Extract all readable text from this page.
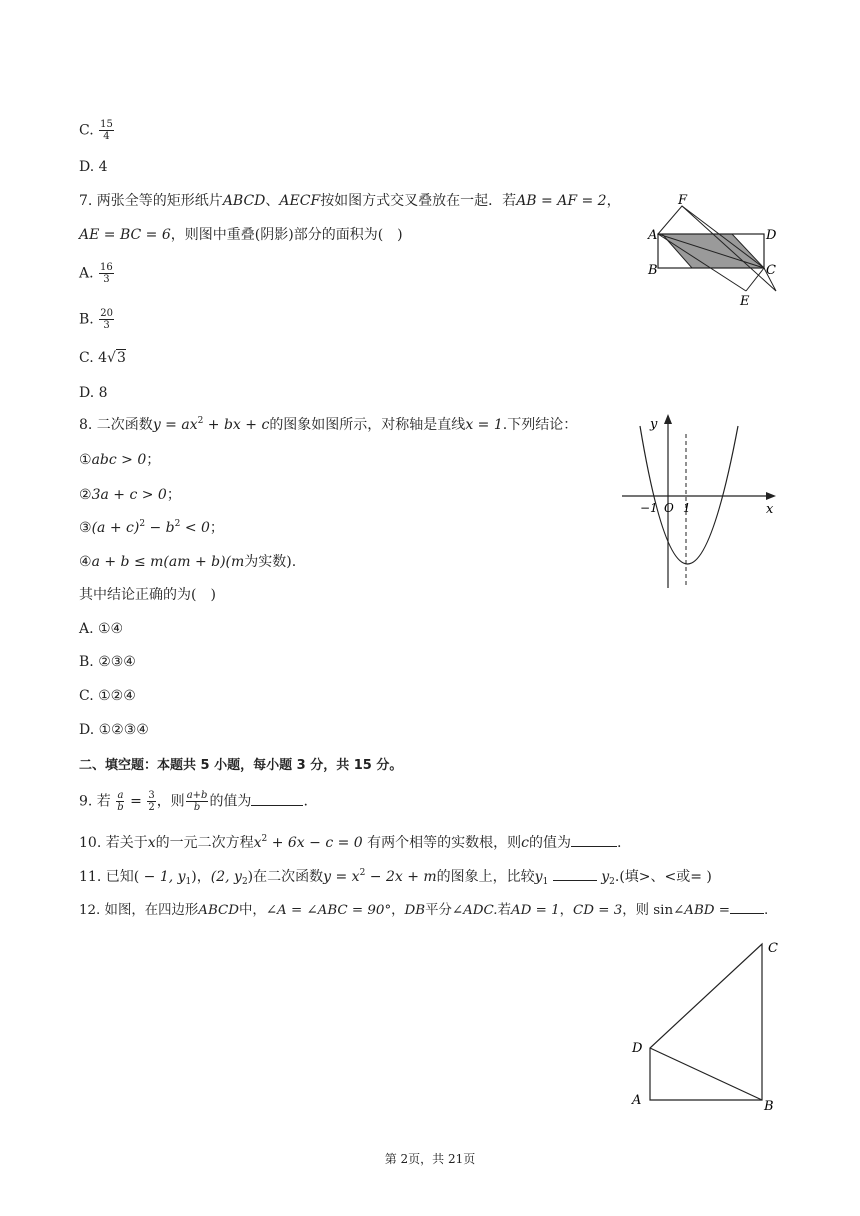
C. $\frac{15}{4}$
D. 4
7. 两张全等的矩形纸片ABCD、AECF按如图方式交叉叠放在一起．若AB = AF = 2，
AE = BC = 6，则图中重叠(阴影)部分的面积为(　)
A. $\frac{16}{3}$
B. $\frac{20}{3}$
C. 4√3
D. 8
F
A	D
B	C
E
8. 二次函数$y = ax^2$ + bx + c的图象如图所示，对称轴是直线x = 1.下列结论：
①abc > 0；
②3a + c > 0；
③(a + $c)^2 - b^2 < 0$；
④a + b ≤ m(am + b)(m为实数).
其中结论正确的为(　)
A. ①④
B. ②③④
C. ①②④
D. ①②③④
y
x
−1 O 1
二、填空题：本题共 5 小题，每小题 3 分，共 15 分。
9. 若 $\frac{a}{b} = \frac{3}{2}$ ，则 $\frac{a+b}{b}$ 的值为	.
10. 若关于x的一元二次方程$x^2 + 6x - c = 0$ 有两个相等的实数根，则c的值为	.
11. 已知( − 1, $y_1$)，(2, $y_2$)在二次函数$y = x^2 - 2x + m$的图象上，比较$y_1$	$y_2$.(填>、<或= )
12. 如图，在四边形ABCD中，∠A = ∠ABC = 90°，DB平分∠ADC.若AD = 1，CD = 3，则 sin∠ABD =	.
C
D
A	B
第 2页，共 21页
